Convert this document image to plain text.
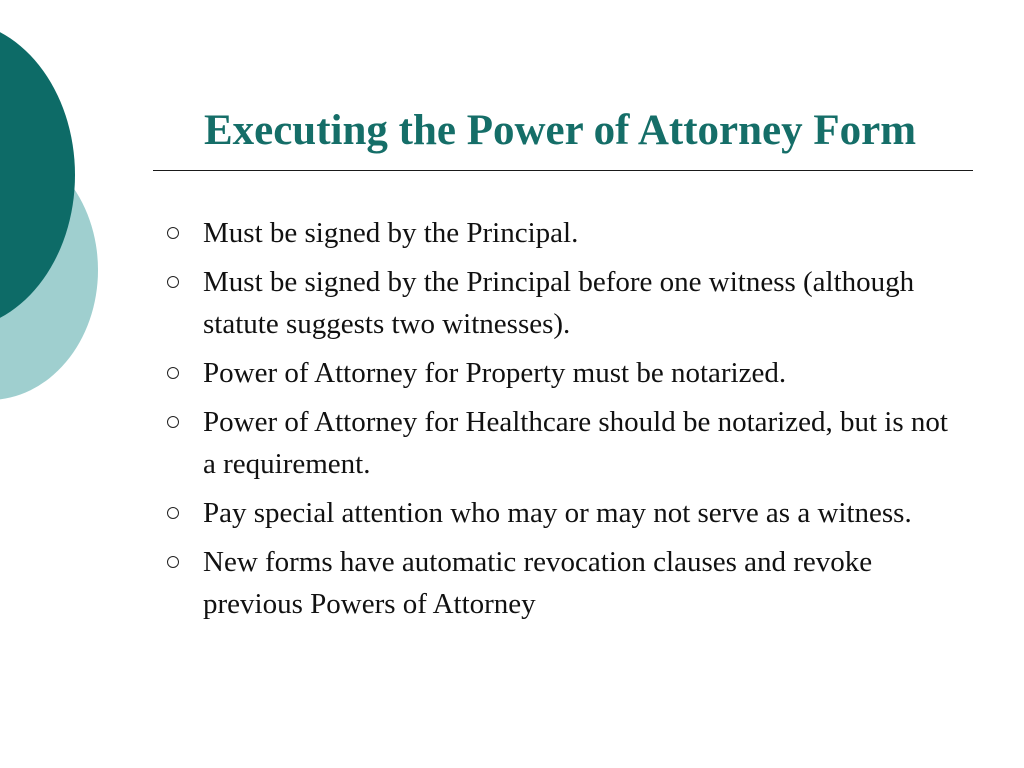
Executing the Power of Attorney Form
Must be signed by the Principal.
Must be signed by the Principal before one witness (although statute suggests two witnesses).
Power of Attorney for Property must be notarized.
Power of Attorney for Healthcare should be notarized, but is not a requirement.
Pay special attention who may or may not serve as a witness.
New forms have automatic revocation clauses and revoke previous Powers of Attorney
